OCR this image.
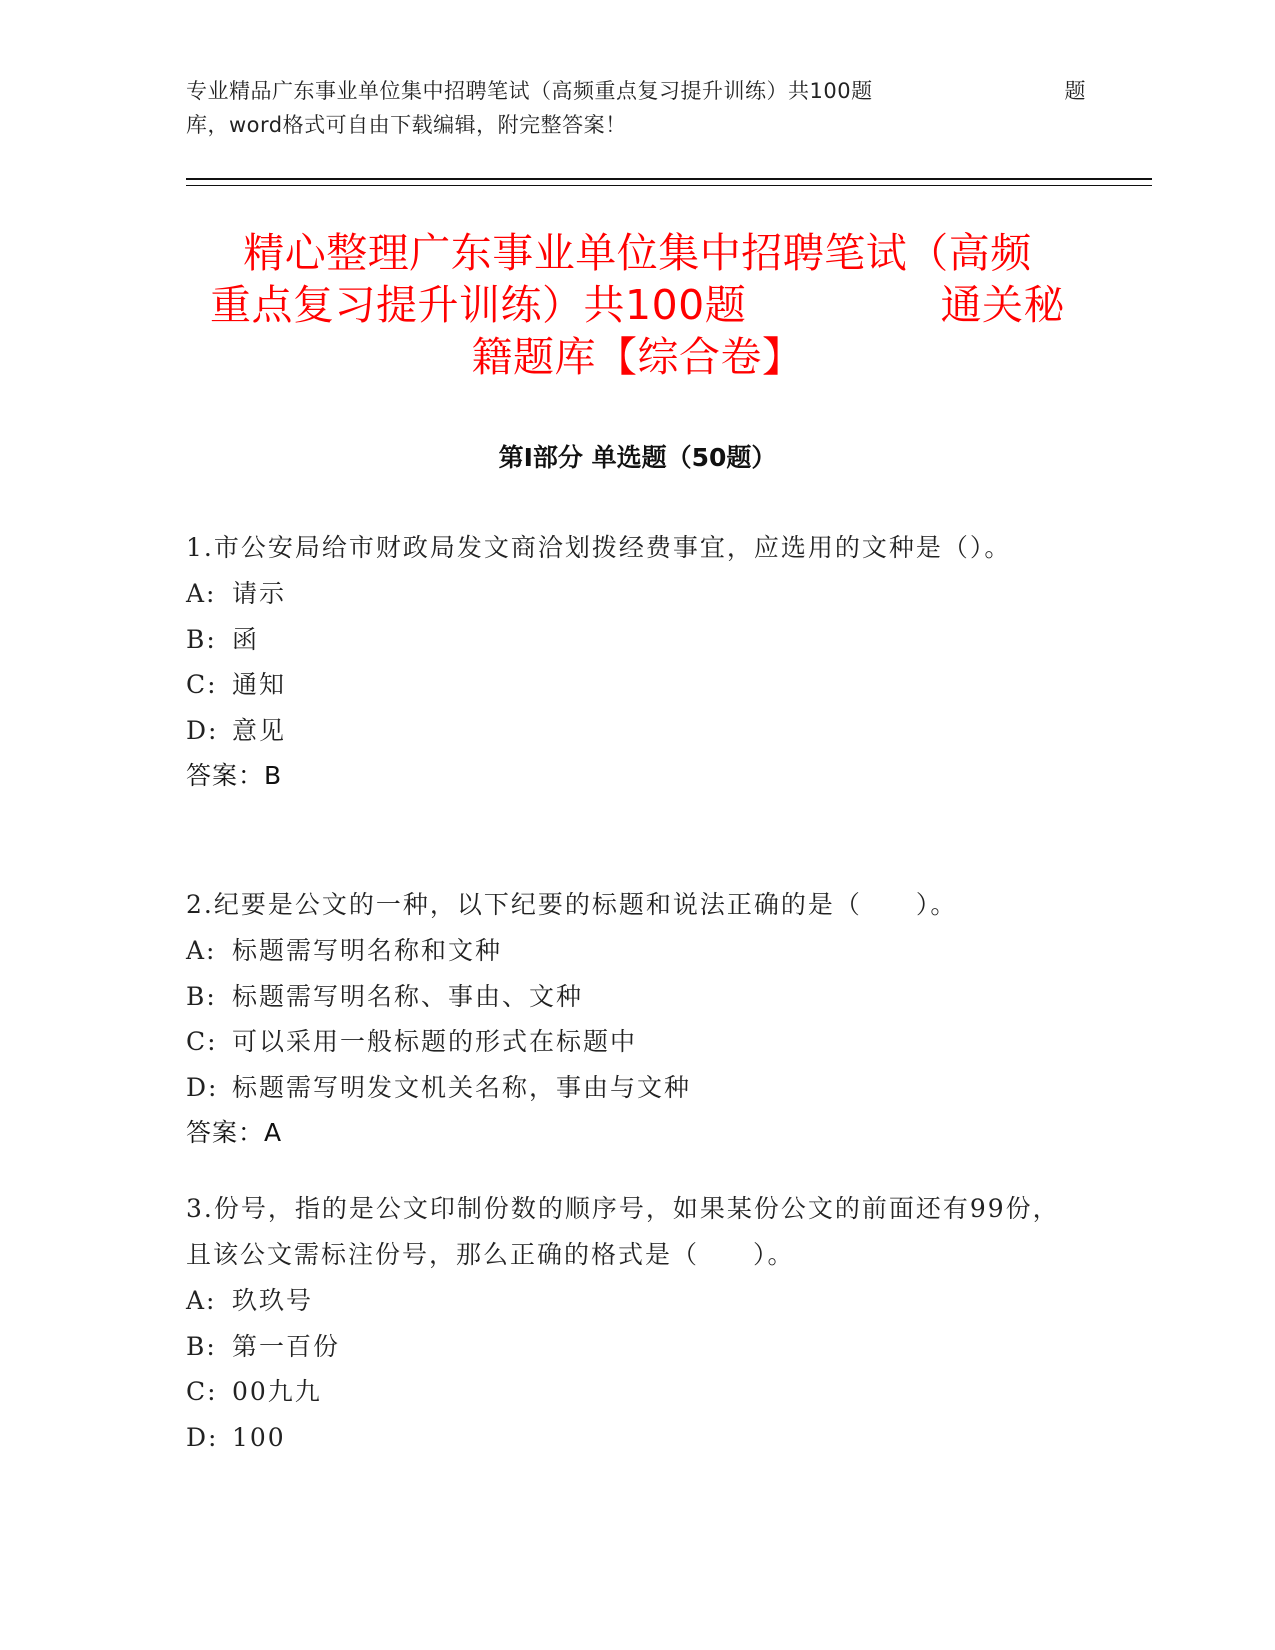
专业精品广东事业单位集中招聘笔试（高频重点复习提升训练）共100题	题
库，word格式可自由下载编辑，附完整答案！
精心整理广东事业单位集中招聘笔试（高频
重点复习提升训练）共100题	通关秘
籍题库【综合卷】
第Ⅰ部分 单选题（50题）
1.市公安局给市财政局发文商洽划拨经费事宜，应选用的文种是（）。
A: 请示
B: 函
C: 通知
D: 意见
答案：B
2.纪要是公文的一种，以下纪要的标题和说法正确的是（　　）。
A: 标题需写明名称和文种
B: 标题需写明名称、事由、文种
C: 可以采用一般标题的形式在标题中
D: 标题需写明发文机关名称，事由与文种
答案：A
3.份号，指的是公文印制份数的顺序号，如果某份公文的前面还有99份，且该公文需标注份号，那么正确的格式是（　　）。
A: 玖玖号
B: 第一百份
C: 00九九
D: 100
